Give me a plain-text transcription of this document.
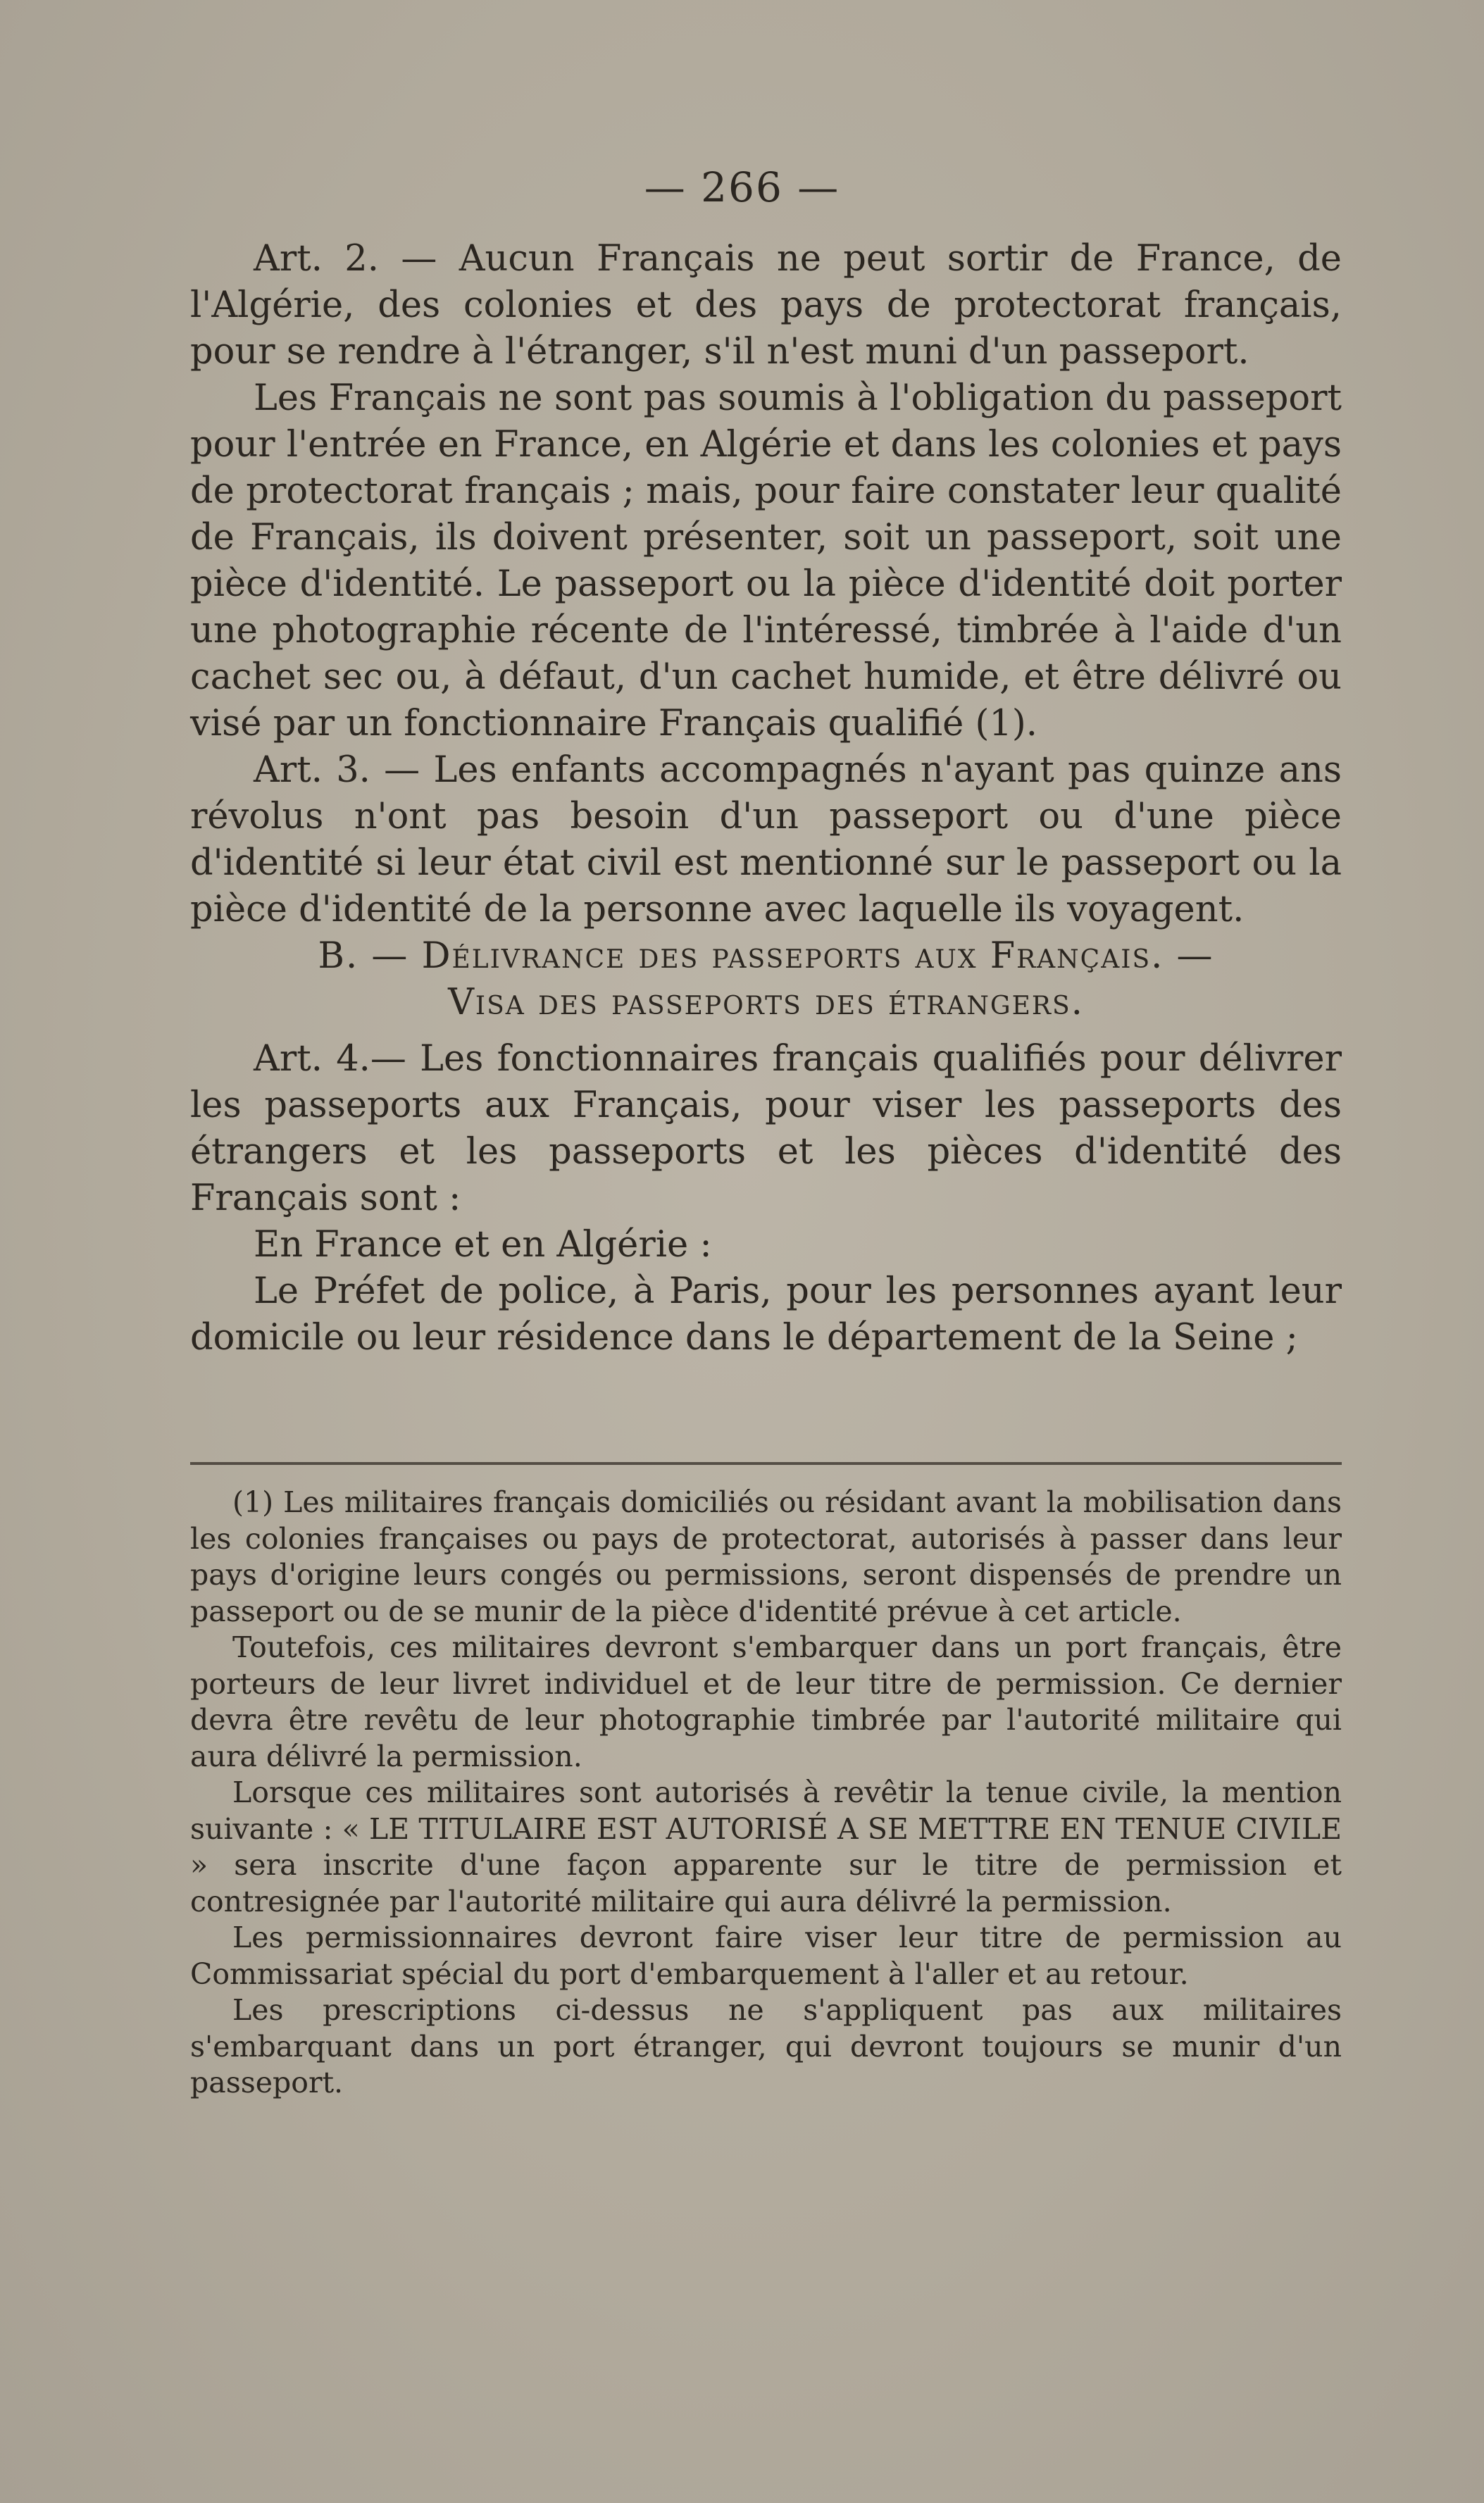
— 266 —

Art. 2. — Aucun Français ne peut sortir de France, de l'Algérie, des colonies et des pays de protectorat français, pour se rendre à l'étranger, s'il n'est muni d'un passeport.

Les Français ne sont pas soumis à l'obligation du passeport pour l'entrée en France, en Algérie et dans les colonies et pays de protectorat français ; mais, pour faire constater leur qualité de Français, ils doivent présenter, soit un passeport, soit une pièce d'identité. Le passeport ou la pièce d'identité doit porter une photographie récente de l'intéressé, timbrée à l'aide d'un cachet sec ou, à défaut, d'un cachet humide, et être délivré ou visé par un fonctionnaire Français qualifié (1).

Art. 3. — Les enfants accompagnés n'ayant pas quinze ans révolus n'ont pas besoin d'un passeport ou d'une pièce d'identité si leur état civil est mentionné sur le passeport ou la pièce d'identité de la personne avec laquelle ils voyagent.

B. — Délivrance des passeports aux Français. —

Visa des passeports des étrangers.

Art. 4.— Les fonctionnaires français qualifiés pour délivrer les passeports aux Français, pour viser les passeports des étrangers et les passeports et les pièces d'identité des Français sont :

En France et en Algérie :

Le Préfet de police, à Paris, pour les personnes ayant leur domicile ou leur résidence dans le département de la Seine ;

(1) Les militaires français domiciliés ou résidant avant la mobilisation dans les colonies françaises ou pays de protectorat, autorisés à passer dans leur pays d'origine leurs congés ou permissions, seront dispensés de prendre un passeport ou de se munir de la pièce d'identité prévue à cet article.

Toutefois, ces militaires devront s'embarquer dans un port français, être porteurs de leur livret individuel et de leur titre de permission. Ce dernier devra être revêtu de leur photographie timbrée par l'autorité militaire qui aura délivré la permission.

Lorsque ces militaires sont autorisés à revêtir la tenue civile, la mention suivante : « LE TITULAIRE EST AUTORISÉ A SE METTRE EN TENUE CIVILE » sera inscrite d'une façon apparente sur le titre de permission et contresignée par l'autorité militaire qui aura délivré la permission.

Les permissionnaires devront faire viser leur titre de permission au Commissariat spécial du port d'embarquement à l'aller et au retour.

Les prescriptions ci-dessus ne s'appliquent pas aux militaires s'embarquant dans un port étranger, qui devront toujours se munir d'un passeport.
